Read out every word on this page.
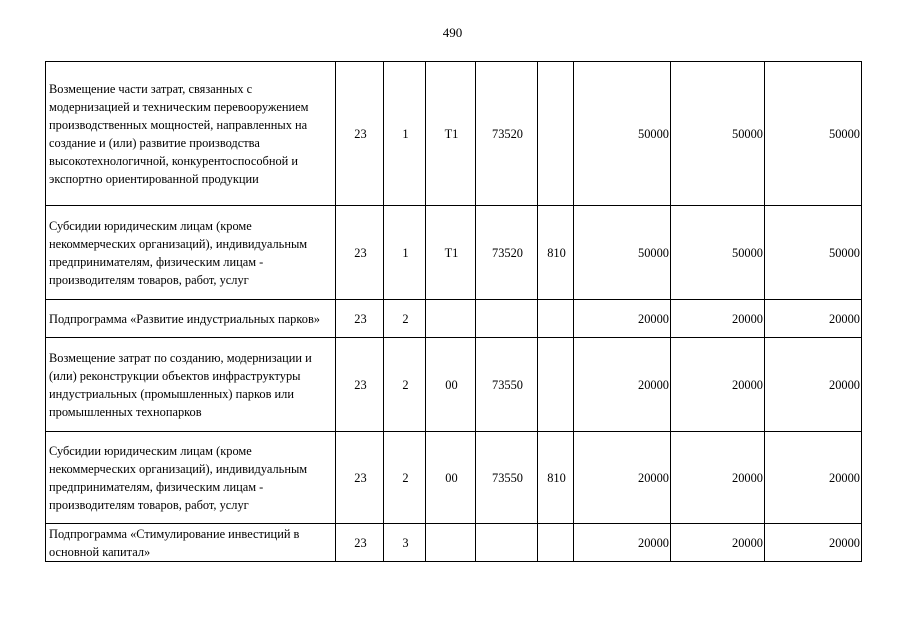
490
Возмещение части затрат, связанных с модернизацией и техническим перевооружением производственных мощностей, направленных на создание и (или) развитие производства высокотехнологичной, конкурентоспособной и экспортно ориентированной продукции	23	1	Т1	73520		50000	50000	50000
Субсидии юридическим лицам (кроме некоммерческих организаций), индивидуальным предпринимателям, физическим лицам - производителям товаров, работ, услуг	23	1	Т1	73520	810	50000	50000	50000
Подпрограмма «Развитие индустриальных парков»	23	2				20000	20000	20000
Возмещение затрат по созданию, модернизации и (или) реконструкции объектов инфраструктуры индустриальных (промышленных) парков или промышленных технопарков	23	2	00	73550		20000	20000	20000
Субсидии юридическим лицам (кроме некоммерческих организаций), индивидуальным предпринимателям, физическим лицам - производителям товаров, работ, услуг	23	2	00	73550	810	20000	20000	20000
Подпрограмма «Стимулирование инвестиций в основной капитал»	23	3				20000	20000	20000
